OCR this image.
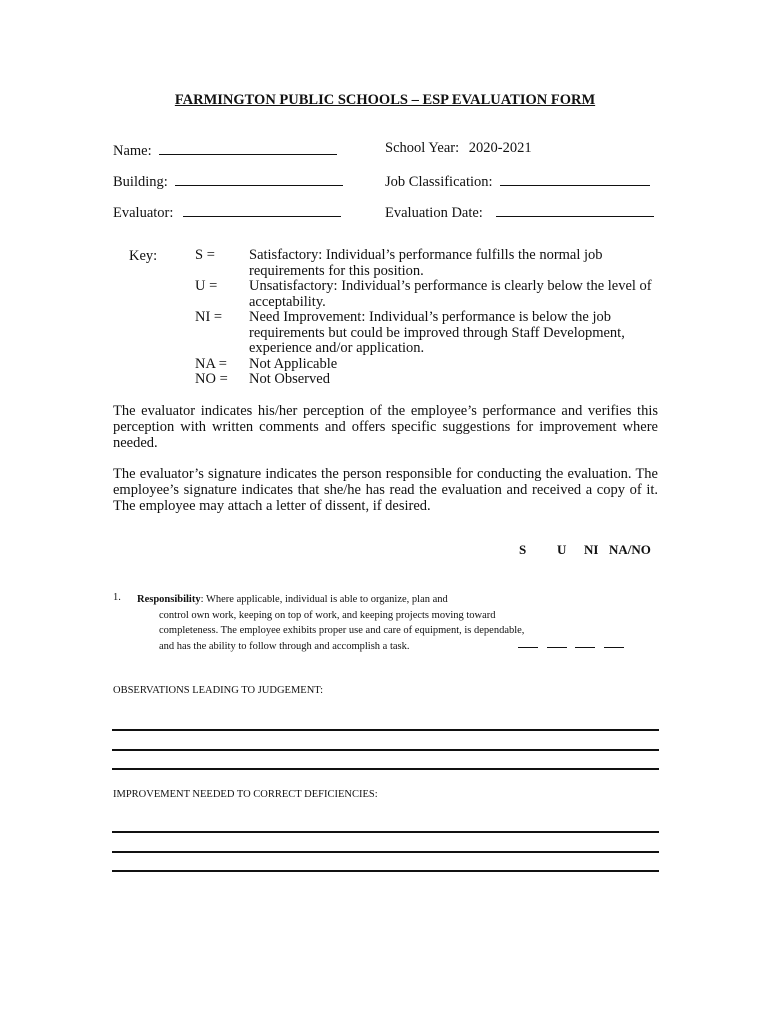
FARMINGTON PUBLIC SCHOOLS – ESP EVALUATION FORM
Name:	School Year: 2020-2021
Building:	Job Classification:
Evaluator:	Evaluation Date:
Key:	S =	Satisfactory: Individual’s performance fulfills the normal job requirements for this position.
U =	Unsatisfactory: Individual’s performance is clearly below the level of acceptability.
NI =	Need Improvement: Individual’s performance is below the job requirements but could be improved through Staff Development, experience and/or application.
NA =	Not Applicable
NO =	Not Observed
The evaluator indicates his/her perception of the employee’s performance and verifies this perception with written comments and offers specific suggestions for improvement where needed.
The evaluator’s signature indicates the person responsible for conducting the evaluation. The employee’s signature indicates that she/he has read the evaluation and received a copy of it. The employee may attach a letter of dissent, if desired.
S U NI NA/NO
1. Responsibility: Where applicable, individual is able to organize, plan and
control own work, keeping on top of work, and keeping projects moving toward
completeness. The employee exhibits proper use and care of equipment, is dependable,
and has the ability to follow through and accomplish a task.

OBSERVATIONS LEADING TO JUDGEMENT:
IMPROVEMENT NEEDED TO CORRECT DEFICIENCIES:
